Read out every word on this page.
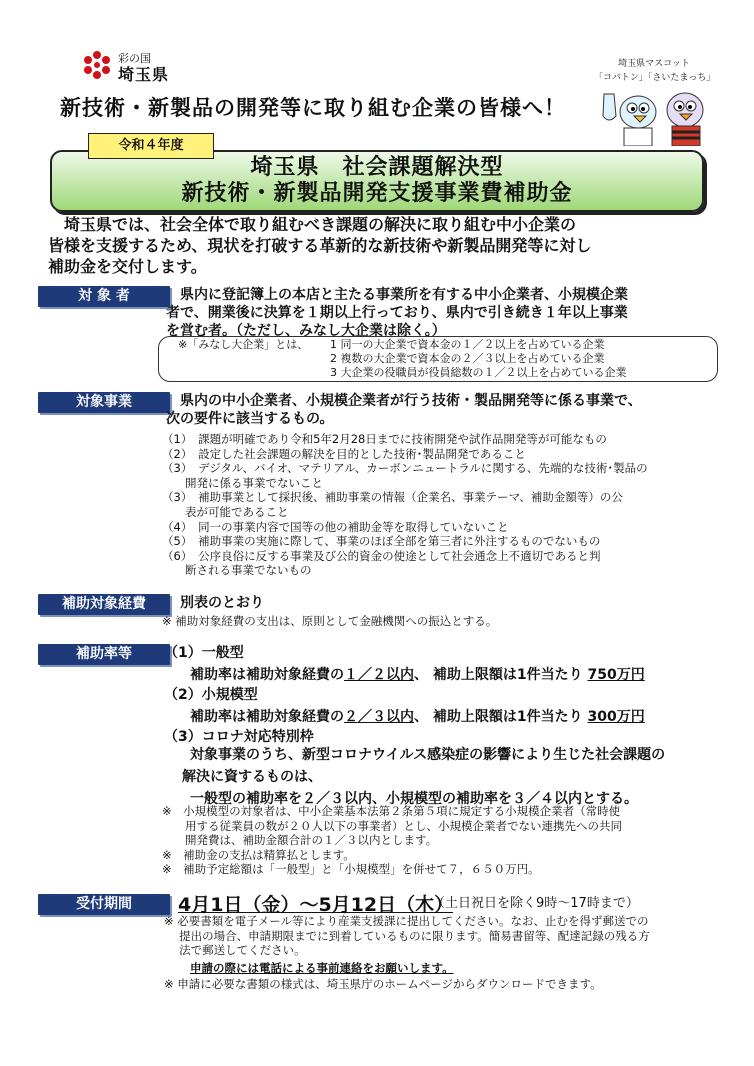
彩の国
埼玉県
埼玉県マスコット
「コバトン」「さいたまっち」
新技術・新製品の開発等に取り組む企業の皆様へ！
埼玉県　社会課題解決型
新技術・新製品開発支援事業費補助金
令和４年度
埼玉県では、社会全体で取り組むべき課題の解決に取り組む中小企業の
皆様を支援するため、現状を打破する革新的な新技術や新製品開発等に対し
補助金を交付します。
対 象 者	県内に登記簿上の本店と主たる事業所を有する中小企業者、小規模企業
者で、開業後に決算を１期以上行っており、県内で引き続き１年以上事業
を営む者。（ただし、みなし大企業は除く。）
※「みなし大企業」とは、 1 同一の大企業で資本金の１／２以上を占めている企業
2 複数の大企業で資本金の２／３以上を占めている企業
3 大企業の役職員が役員総数の１／２以上を占めている企業
対象事業	県内の中小企業者、小規模企業者が行う技術・製品開発等に係る事業で、
次の要件に該当するもの。
（1）　課題が明確であり令和5年2月28日までに技術開発や試作品開発等が可能なもの
（2）　設定した社会課題の解決を目的とした技術･製品開発であること
（3）　デジタル、バイオ、マテリアル、カーボンニュートラルに関する、先端的な技術･製品の
　　開発に係る事業でないこと
（3）　補助事業として採択後、補助事業の情報（企業名、事業テーマ、補助金額等）の公
　　表が可能であること
（4）　同一の事業内容で国等の他の補助金等を取得していないこと
（5）　補助事業の実施に際して、事業のほぼ全部を第三者に外注するものでないもの
（6）　公序良俗に反する事業及び公的資金の使途として社会通念上不適切であると判
　　断される事業でないもの
補助対象経費	別表のとおり
※ 補助対象経費の支出は、原則として金融機関への振込とする。
補助率等	（1）一般型
補助率は補助対象経費の１／２以内、 補助上限額は1件当たり 750万円
（2）小規模型
補助率は補助対象経費の２／３以内、 補助上限額は1件当たり 300万円
（3）コロナ対応特別枠
対象事業のうち、新型コロナウイルス感染症の影響により生じた社会課題の
解決に資するものは、
一般型の補助率を２／３以内、小規模型の補助率を３／４以内とする。
※　小規模型の対象者は、中小企業基本法第２条第５項に規定する小規模企業者（常時使
　　用する従業員の数が２０人以下の事業者）とし、小規模企業者でない連携先への共同
　　開発費は、補助金額合計の１／３以内とします。
※　補助金の支払は精算払とします。
※　補助予定総額は「一般型」と「小規模型」を併せて７，６５０万円。
受付期間	4月1日（金）～5月12日（木）
（土日祝日を除く9時～17時まで）
※ 必要書類を電子メール等により産業支援課に提出してください。なお、止むを得ず郵送での
　 提出の場合、申請期限までに到着しているものに限ります。簡易書留等、配達記録の残る方
　 法で郵送してください。
申請の際には電話による事前連絡をお願いします。
※ 申請に必要な書類の様式は、埼玉県庁のホームページからダウンロードできます。
